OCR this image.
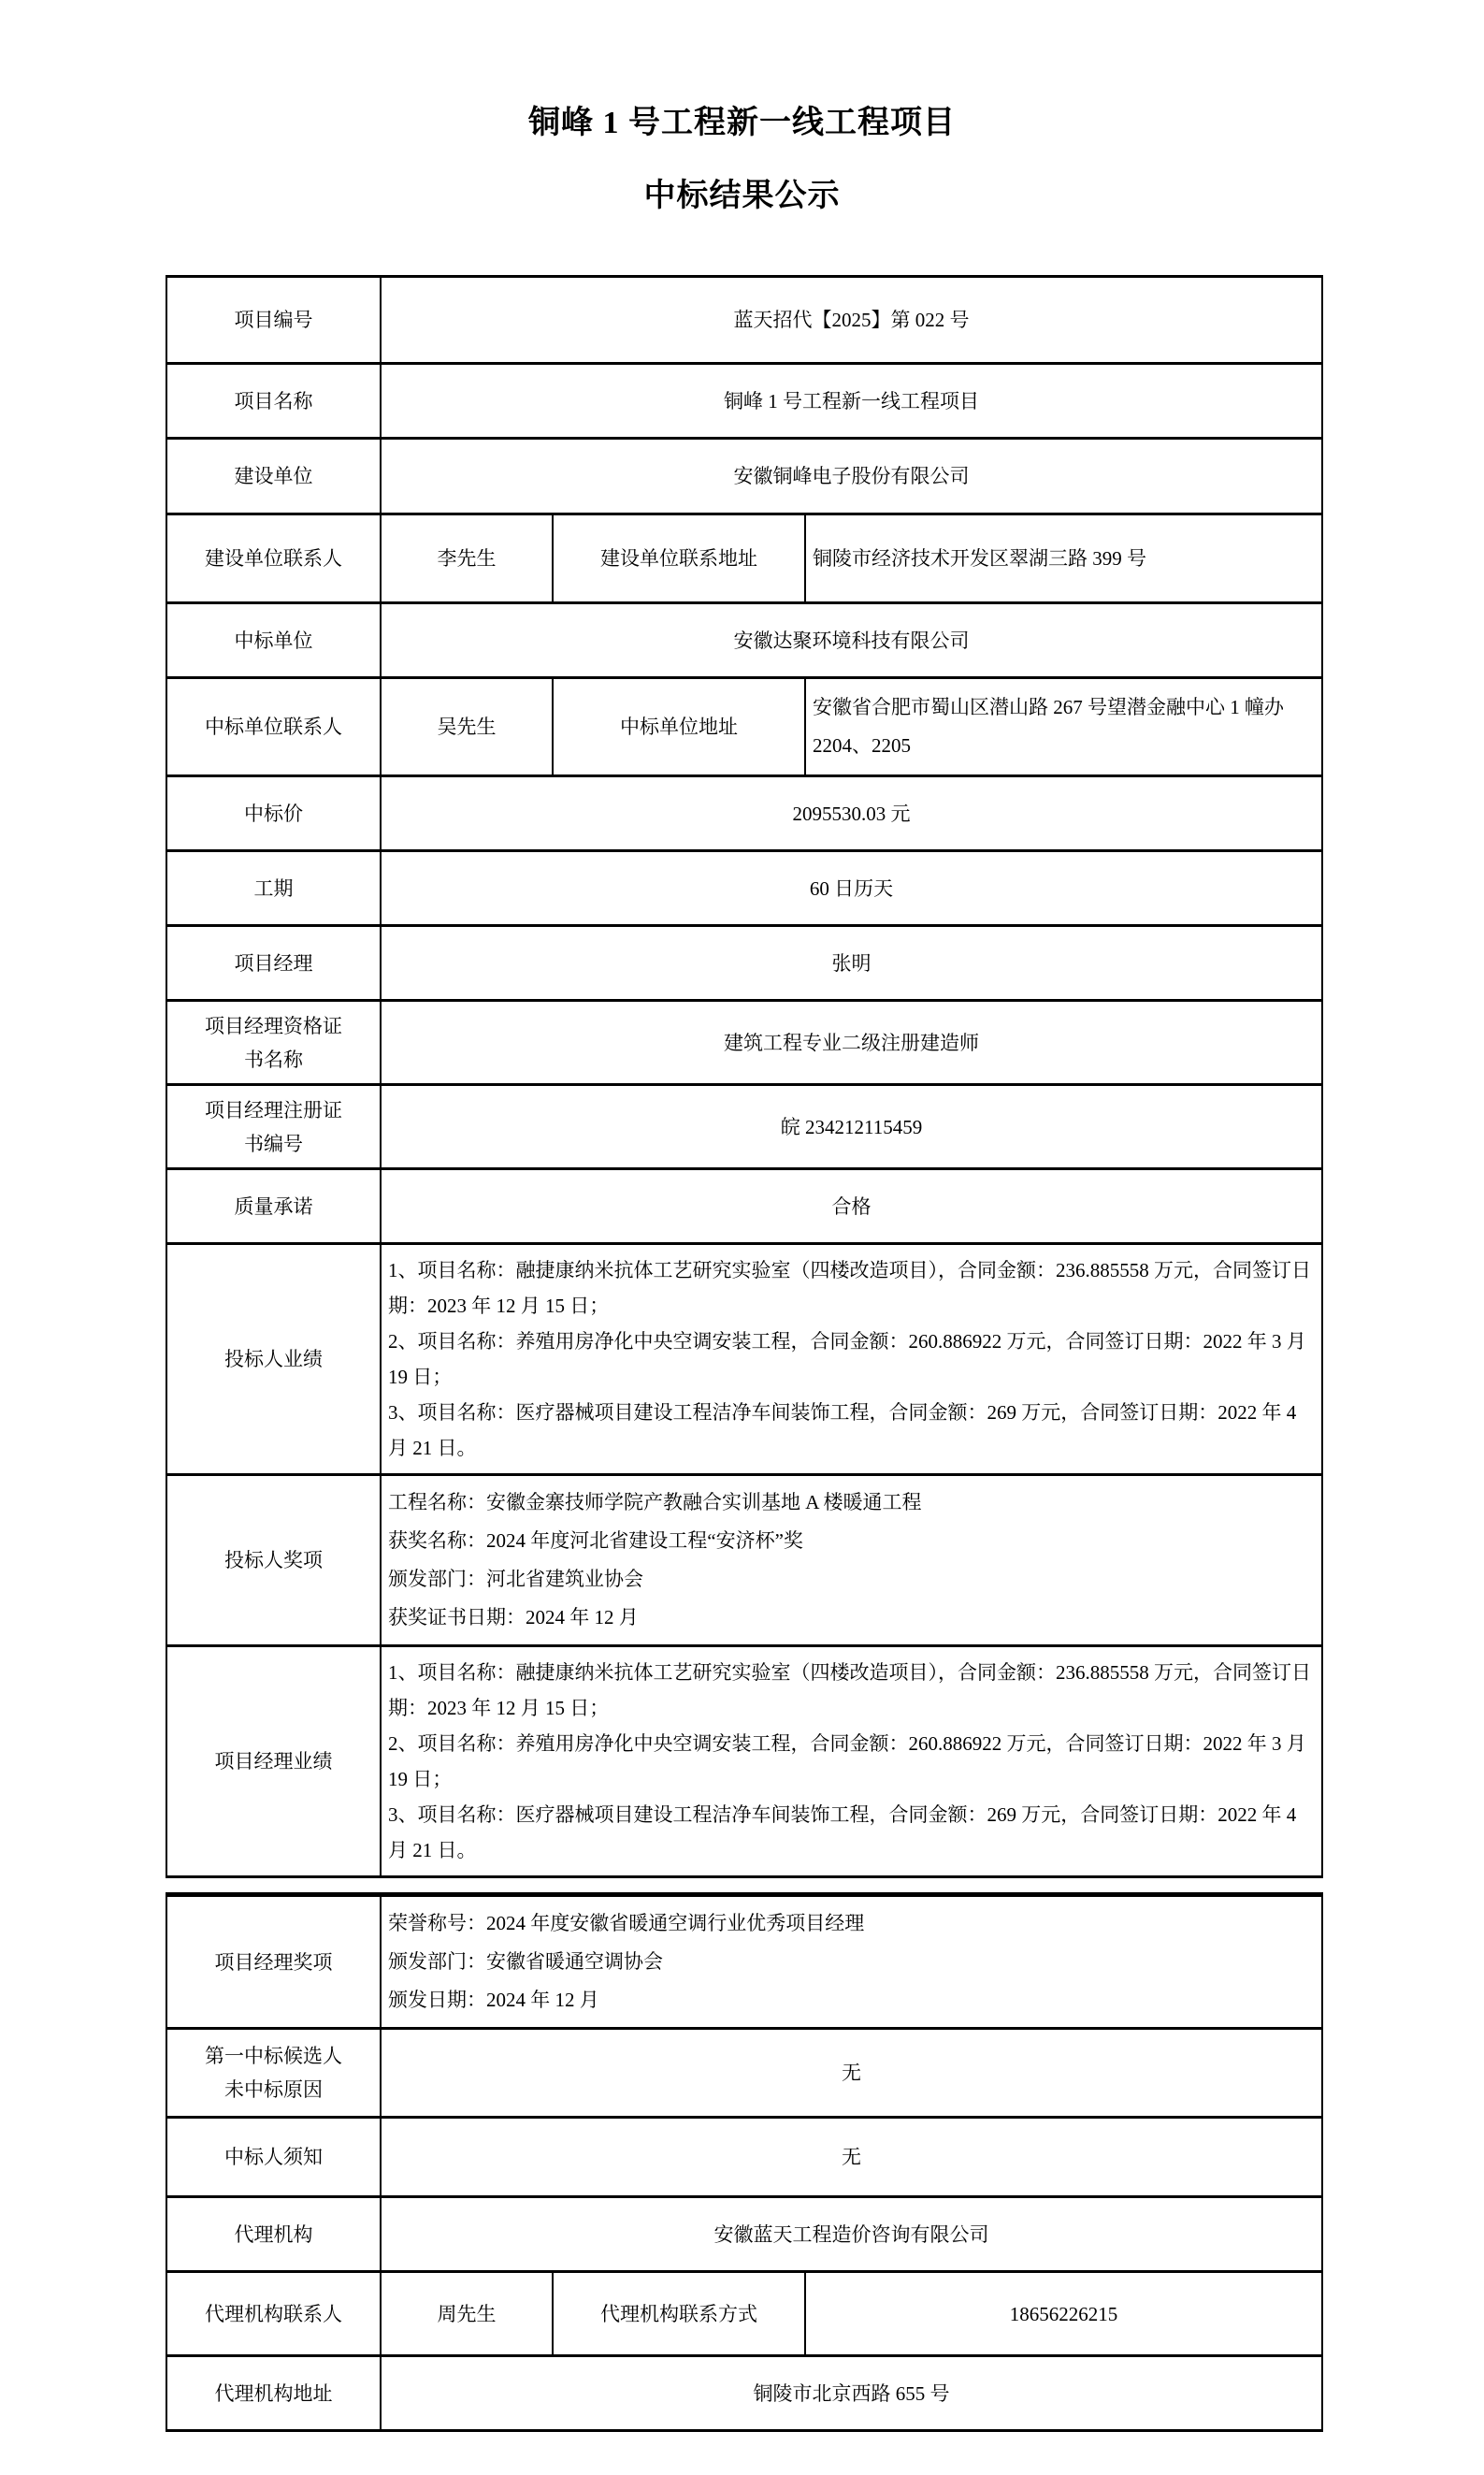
铜峰 1 号工程新一线工程项目
中标结果公示
项目编号	蓝天招代【2025】第 022 号		

项目名称	铜峰 1 号工程新一线工程项目		

建设单位	安徽铜峰电子股份有限公司		

建设单位联系人	李先生	建设单位联系地址	铜陵市经济技术开发区翠湖三路 399 号

中标单位	安徽达聚环境科技有限公司		

中标单位联系人	吴先生	中标单位地址	安徽省合肥市蜀山区潜山路 267 号望潜金融中心 1 幢办 2204、2205

中标价	2095530.03 元		

工期	60 日历天		

项目经理	张明		

项目经理资格证
书名称	建筑工程专业二级注册建造师		

项目经理注册证
书编号	皖 234212115459		

质量承诺	合格		

投标人业绩	1、项目名称：融捷康纳米抗体工艺研究实验室（四楼改造项目），合同金额：236.885558 万元，合同签订日期：2023 年 12 月 15 日；
2、项目名称：养殖用房净化中央空调安装工程，合同金额：260.886922 万元，合同签订日期：2022 年 3 月 19 日；
3、项目名称：医疗器械项目建设工程洁净车间装饰工程，合同金额：269 万元，合同签订日期：2022 年 4 月 21 日。		

投标人奖项	工程名称：安徽金寨技师学院产教融合实训基地 A 楼暖通工程
获奖名称：2024 年度河北省建设工程“安济杯”奖
颁发部门：河北省建筑业协会
获奖证书日期：2024 年 12 月		

项目经理业绩	1、项目名称：融捷康纳米抗体工艺研究实验室（四楼改造项目），合同金额：236.885558 万元，合同签订日期：2023 年 12 月 15 日；
2、项目名称：养殖用房净化中央空调安装工程，合同金额：260.886922 万元，合同签订日期：2022 年 3 月 19 日；
3、项目名称：医疗器械项目建设工程洁净车间装饰工程，合同金额：269 万元，合同签订日期：2022 年 4 月 21 日。		
项目经理奖项	荣誉称号：2024 年度安徽省暖通空调行业优秀项目经理
颁发部门：安徽省暖通空调协会
颁发日期：2024 年 12 月		

第一中标候选人
未中标原因	无		

中标人须知	无		

代理机构	安徽蓝天工程造价咨询有限公司		

代理机构联系人	周先生	代理机构联系方式	18656226215

代理机构地址	铜陵市北京西路 655 号		
